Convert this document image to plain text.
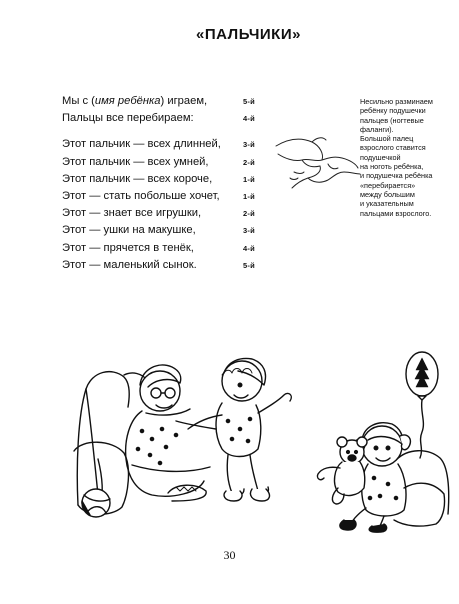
«ПАЛЬЧИКИ»
Мы с (имя ребёнка) играем,	5-й
Пальцы все перебираем:	4-й
Этот пальчик — всех длинней,	3-й
Этот пальчик — всех умней,	2-й
Этот пальчик — всех короче,	1-й
Этот — стать побольше хочет,	1-й
Этот — знает все игрушки,	2-й
Этот — ушки на макушке,	3-й
Этот — прячется в тенёк,	4-й
Этот — маленький сынок.	5-й
Несильно разминаем
ребёнку подушечки
пальцев (ногтевые
фаланги).
Большой палец
взрослого ставится
подушечкой
на ноготь ребёнка,
и подушечка ребёнка
«перебирается»
между большим
и указательным
пальцами взрослого.
30
